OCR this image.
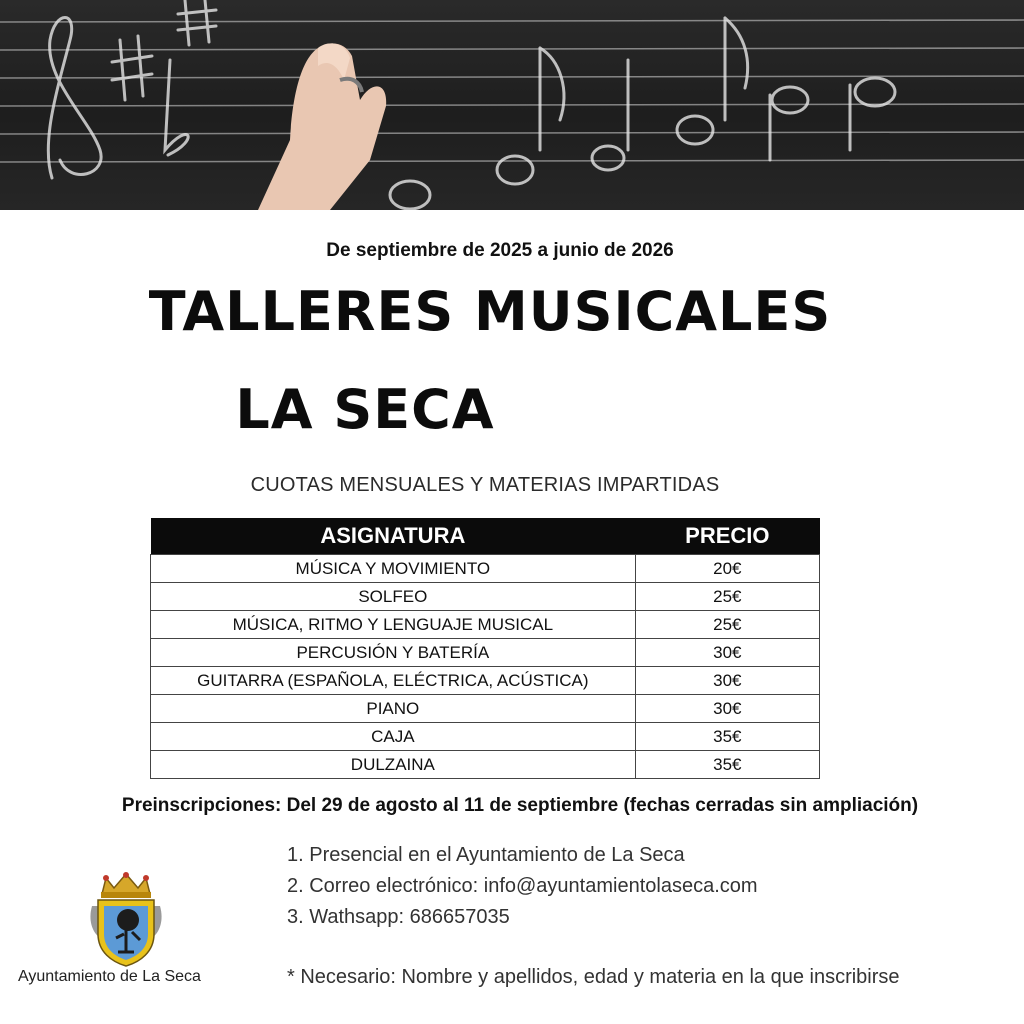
De septiembre de 2025 a junio de 2026
TALLERES MUSICALES
LA SECA
CUOTAS MENSUALES Y MATERIAS IMPARTIDAS
ASIGNATURA	PRECIO
MÚSICA Y MOVIMIENTO	20€
SOLFEO	25€
MÚSICA, RITMO Y LENGUAJE MUSICAL	25€
PERCUSIÓN Y BATERÍA	30€
GUITARRA (ESPAÑOLA, ELÉCTRICA, ACÚSTICA)	30€
PIANO	30€
CAJA	35€
DULZAINA	35€
Preinscripciones: Del 29 de agosto al 11 de septiembre (fechas cerradas sin ampliación)
1. Presencial en el Ayuntamiento de La Seca
2. Correo electrónico: info@ayuntamientolaseca.com
3. Wathsapp: 686657035
Ayuntamiento de La Seca	* Necesario: Nombre y apellidos, edad y materia en la que inscribirse
